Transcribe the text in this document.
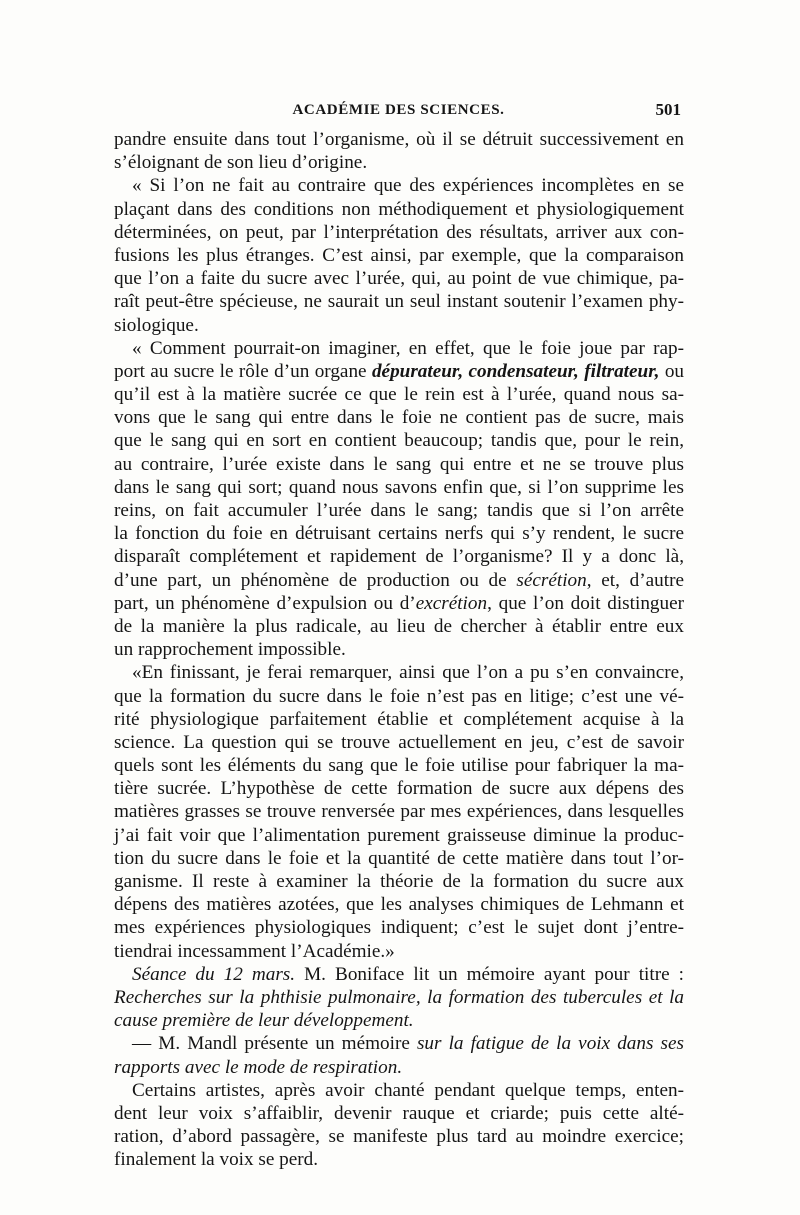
ACADÉMIE DES SCIENCES.	501
pandre ensuite dans tout l’organisme, où il se détruit successivement en
s’éloignant de son lieu d’origine.
« Si l’on ne fait au contraire que des expériences incomplètes en se
plaçant dans des conditions non méthodiquement et physiologiquement
déterminées, on peut, par l’interprétation des résultats, arriver aux con-
fusions les plus étranges. C’est ainsi, par exemple, que la comparaison
que l’on a faite du sucre avec l’urée, qui, au point de vue chimique, pa-
raît peut-être spécieuse, ne saurait un seul instant soutenir l’examen phy-
siologique.
« Comment pourrait-on imaginer, en effet, que le foie joue par rap-
port au sucre le rôle d’un organe dépurateur, condensateur, filtrateur, ou
qu’il est à la matière sucrée ce que le rein est à l’urée, quand nous sa-
vons que le sang qui entre dans le foie ne contient pas de sucre, mais
que le sang qui en sort en contient beaucoup; tandis que, pour le rein,
au contraire, l’urée existe dans le sang qui entre et ne se trouve plus
dans le sang qui sort; quand nous savons enfin que, si l’on supprime les
reins, on fait accumuler l’urée dans le sang; tandis que si l’on arrête
la fonction du foie en détruisant certains nerfs qui s’y rendent, le sucre
disparaît complétement et rapidement de l’organisme? Il y a donc là,
d’une part, un phénomène de production ou de sécrétion, et, d’autre
part, un phénomène d’expulsion ou d’excrétion, que l’on doit distinguer
de la manière la plus radicale, au lieu de chercher à établir entre eux
un rapprochement impossible.
«En finissant, je ferai remarquer, ainsi que l’on a pu s’en convaincre,
que la formation du sucre dans le foie n’est pas en litige; c’est une vé-
rité physiologique parfaitement établie et complétement acquise à la
science. La question qui se trouve actuellement en jeu, c’est de savoir
quels sont les éléments du sang que le foie utilise pour fabriquer la ma-
tière sucrée. L’hypothèse de cette formation de sucre aux dépens des
matières grasses se trouve renversée par mes expériences, dans lesquelles
j’ai fait voir que l’alimentation purement graisseuse diminue la produc-
tion du sucre dans le foie et la quantité de cette matière dans tout l’or-
ganisme. Il reste à examiner la théorie de la formation du sucre aux
dépens des matières azotées, que les analyses chimiques de Lehmann et
mes expériences physiologiques indiquent; c’est le sujet dont j’entre-
tiendrai incessamment l’Académie.»
Séance du 12 mars. M. Boniface lit un mémoire ayant pour titre :
Recherches sur la phthisie pulmonaire, la formation des tubercules et la
cause première de leur développement.
— M. Mandl présente un mémoire sur la fatigue de la voix dans ses
rapports avec le mode de respiration.
Certains artistes, après avoir chanté pendant quelque temps, enten-
dent leur voix s’affaiblir, devenir rauque et criarde; puis cette alté-
ration, d’abord passagère, se manifeste plus tard au moindre exercice;
finalement la voix se perd.
